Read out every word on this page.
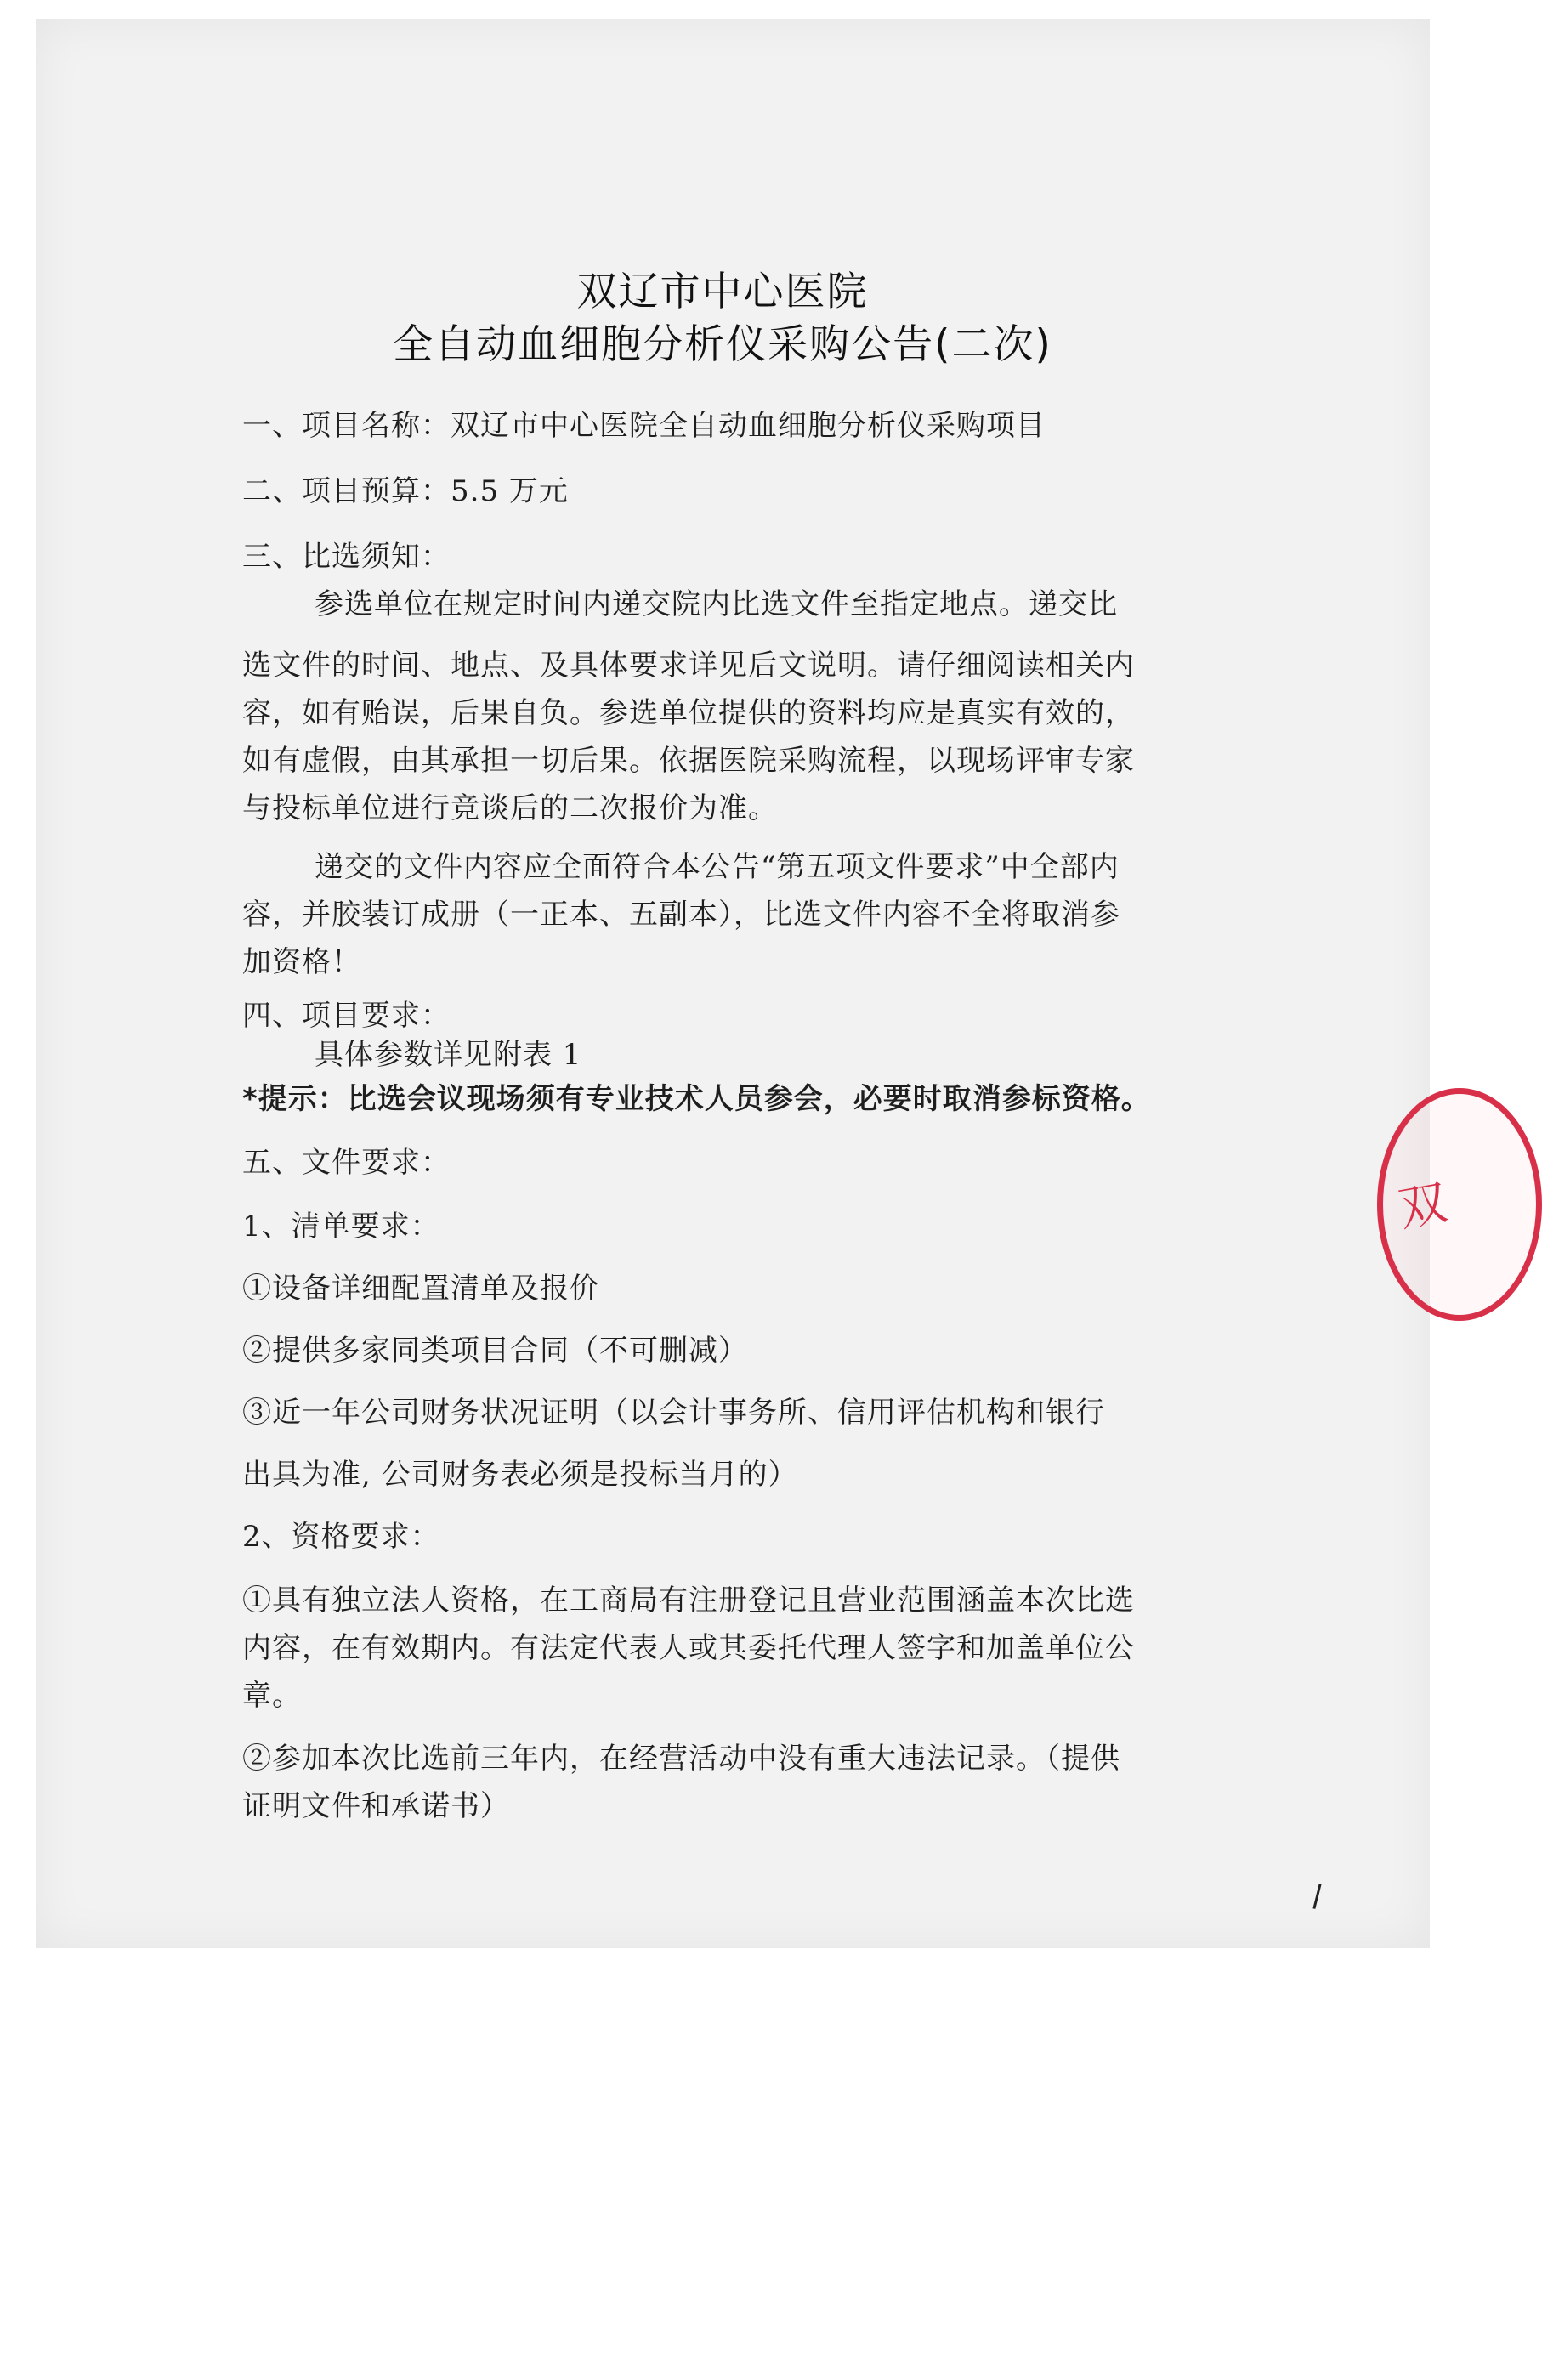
双辽市中心医院
全自动血细胞分析仪采购公告(二次)
一、项目名称：双辽市中心医院全自动血细胞分析仪采购项目
二、项目预算：5.5 万元
三、比选须知：
参选单位在规定时间内递交院内比选文件至指定地点。递交比
选文件的时间、地点、及具体要求详见后文说明。请仔细阅读相关内
容，如有贻误，后果自负。参选单位提供的资料均应是真实有效的，
如有虚假，由其承担一切后果。依据医院采购流程，以现场评审专家
与投标单位进行竞谈后的二次报价为准。
递交的文件内容应全面符合本公告“第五项文件要求”中全部内
容，并胶装订成册（一正本、五副本），比选文件内容不全将取消参
加资格！
四、项目要求：
具体参数详见附表 1
*提示：比选会议现场须有专业技术人员参会，必要时取消参标资格。
五、文件要求：
1、清单要求：
①设备详细配置清单及报价
②提供多家同类项目合同（不可删减）
③近一年公司财务状况证明（以会计事务所、信用评估机构和银行
出具为准, 公司财务表必须是投标当月的）
2、资格要求：
①具有独立法人资格，在工商局有注册登记且营业范围涵盖本次比选
内容，在有效期内。有法定代表人或其委托代理人签字和加盖单位公
章。
②参加本次比选前三年内，在经营活动中没有重大违法记录。（提供
证明文件和承诺书）
双
